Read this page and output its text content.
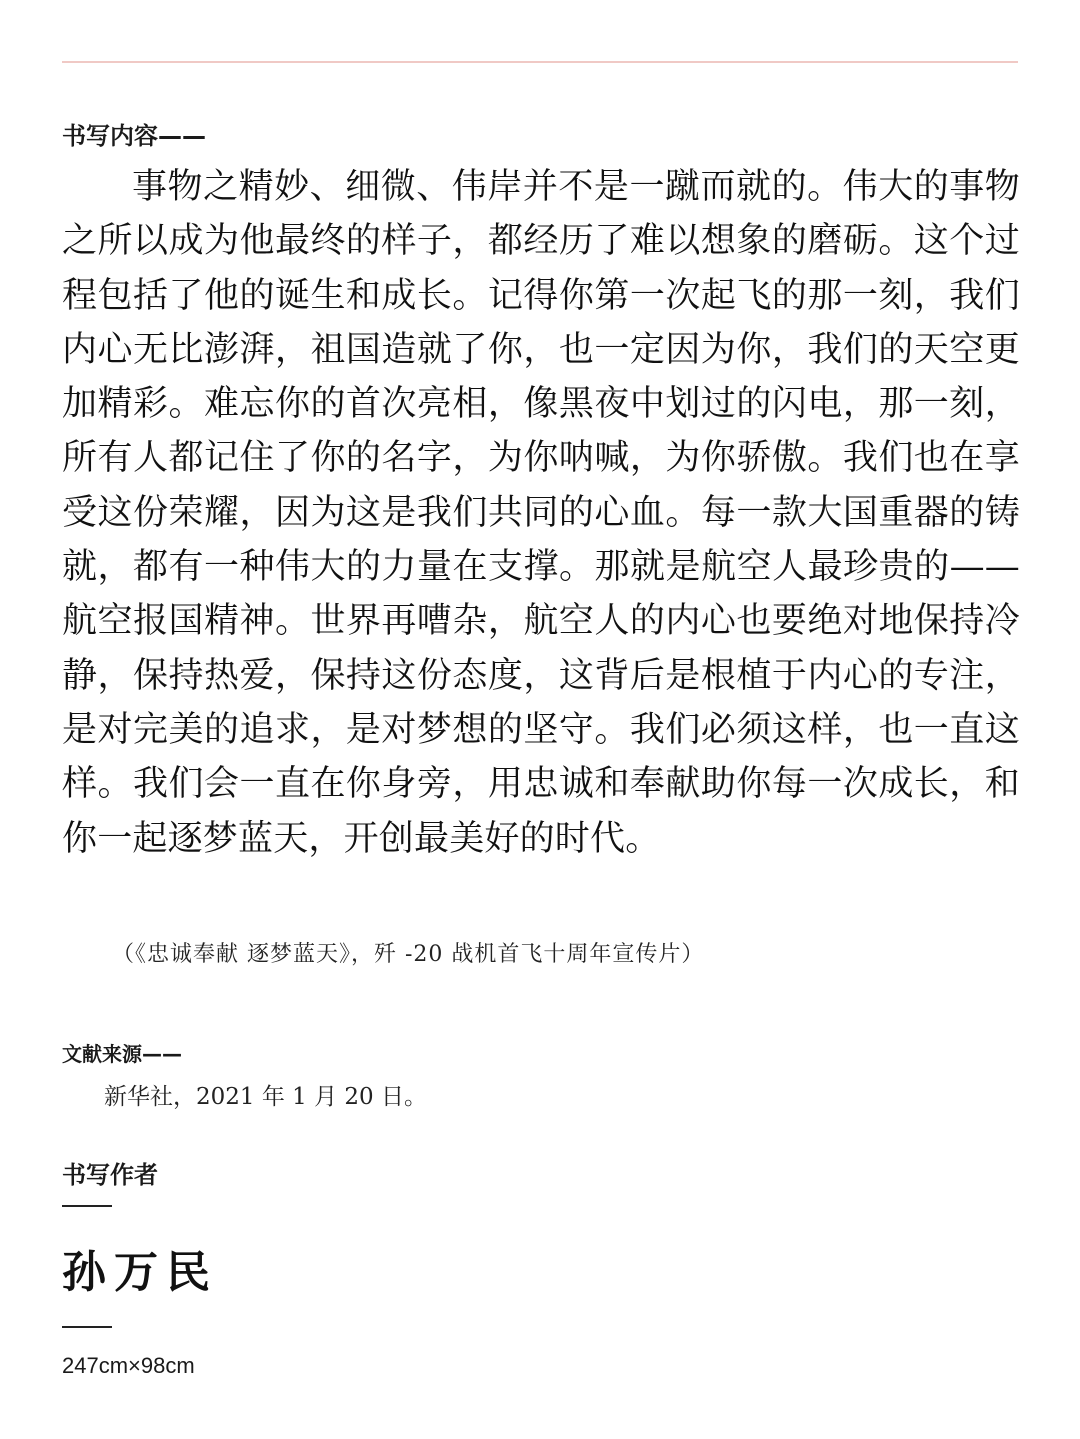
书写内容——

事物之精妙、细微、伟岸并不是一蹴而就的。伟大的事物之所以成为他最终的样子，都经历了难以想象的磨砺。这个过程包括了他的诞生和成长。记得你第一次起飞的那一刻，我们内心无比澎湃，祖国造就了你，也一定因为你，我们的天空更加精彩。难忘你的首次亮相，像黑夜中划过的闪电，那一刻，所有人都记住了你的名字，为你呐喊，为你骄傲。我们也在享受这份荣耀，因为这是我们共同的心血。每一款大国重器的铸就，都有一种伟大的力量在支撑。那就是航空人最珍贵的——航空报国精神。世界再嘈杂，航空人的内心也要绝对地保持冷静，保持热爱，保持这份态度，这背后是根植于内心的专注，是对完美的追求，是对梦想的坚守。我们必须这样，也一直这样。我们会一直在你身旁，用忠诚和奉献助你每一次成长，和你一起逐梦蓝天，开创最美好的时代。

（《忠诚奉献 逐梦蓝天》，歼 -20 战机首飞十周年宣传片）
文献来源——
新华社，2021 年 1 月 20 日。
书写作者
孙万民
247cm×98cm
